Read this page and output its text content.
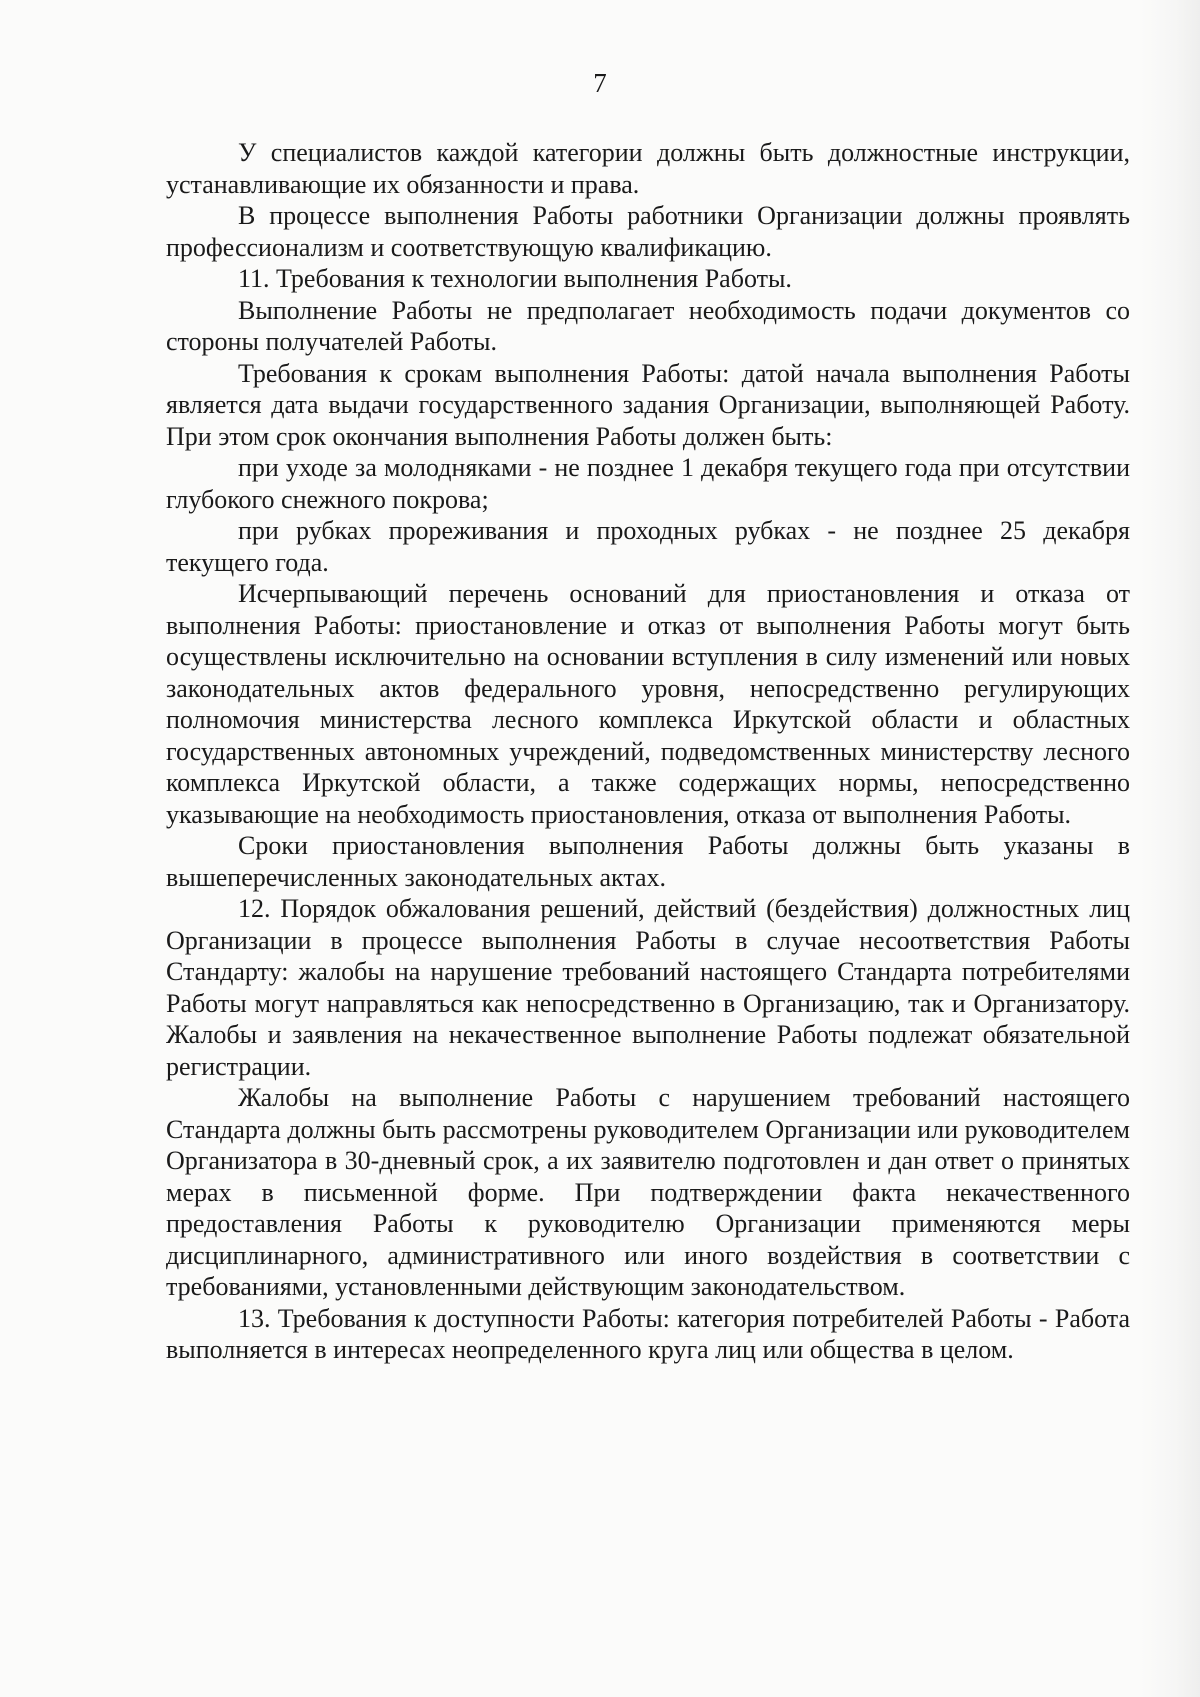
7

У специалистов каждой категории должны быть должностные инструкции, устанавливающие их обязанности и права.

В процессе выполнения Работы работники Организации должны проявлять профессионализм и соответствующую квалификацию.

11. Требования к технологии выполнения Работы.

Выполнение Работы не предполагает необходимость подачи документов со стороны получателей Работы.

Требования к срокам выполнения Работы: датой начала выполнения Работы является дата выдачи государственного задания Организации, выполняющей Работу. При этом срок окончания выполнения Работы должен быть:

при уходе за молодняками - не позднее 1 декабря текущего года при отсутствии глубокого снежного покрова;

при рубках прореживания и проходных рубках - не позднее 25 декабря текущего года.

Исчерпывающий перечень оснований для приостановления и отказа от выполнения Работы: приостановление и отказ от выполнения Работы могут быть осуществлены исключительно на основании вступления в силу изменений или новых законодательных актов федерального уровня, непосредственно регулирующих полномочия министерства лесного комплекса Иркутской области и областных государственных автономных учреждений, подведомственных министерству лесного комплекса Иркутской области, а также содержащих нормы, непосредственно указывающие на необходимость приостановления, отказа от выполнения Работы.

Сроки приостановления выполнения Работы должны быть указаны в вышеперечисленных законодательных актах.

12. Порядок обжалования решений, действий (бездействия) должностных лиц Организации в процессе выполнения Работы в случае несоответствия Работы Стандарту: жалобы на нарушение требований настоящего Стандарта потребителями Работы могут направляться как непосредственно в Организацию, так и Организатору. Жалобы и заявления на некачественное выполнение Работы подлежат обязательной регистрации.

Жалобы на выполнение Работы с нарушением требований настоящего Стандарта должны быть рассмотрены руководителем Организации или руководителем Организатора в 30-дневный срок, а их заявителю подготовлен и дан ответ о принятых мерах в письменной форме. При подтверждении факта некачественного предоставления Работы к руководителю Организации применяются меры дисциплинарного, административного или иного воздействия в соответствии с требованиями, установленными действующим законодательством.

13. Требования к доступности Работы: категория потребителей Работы - Работа выполняется в интересах неопределенного круга лиц или общества в целом.
